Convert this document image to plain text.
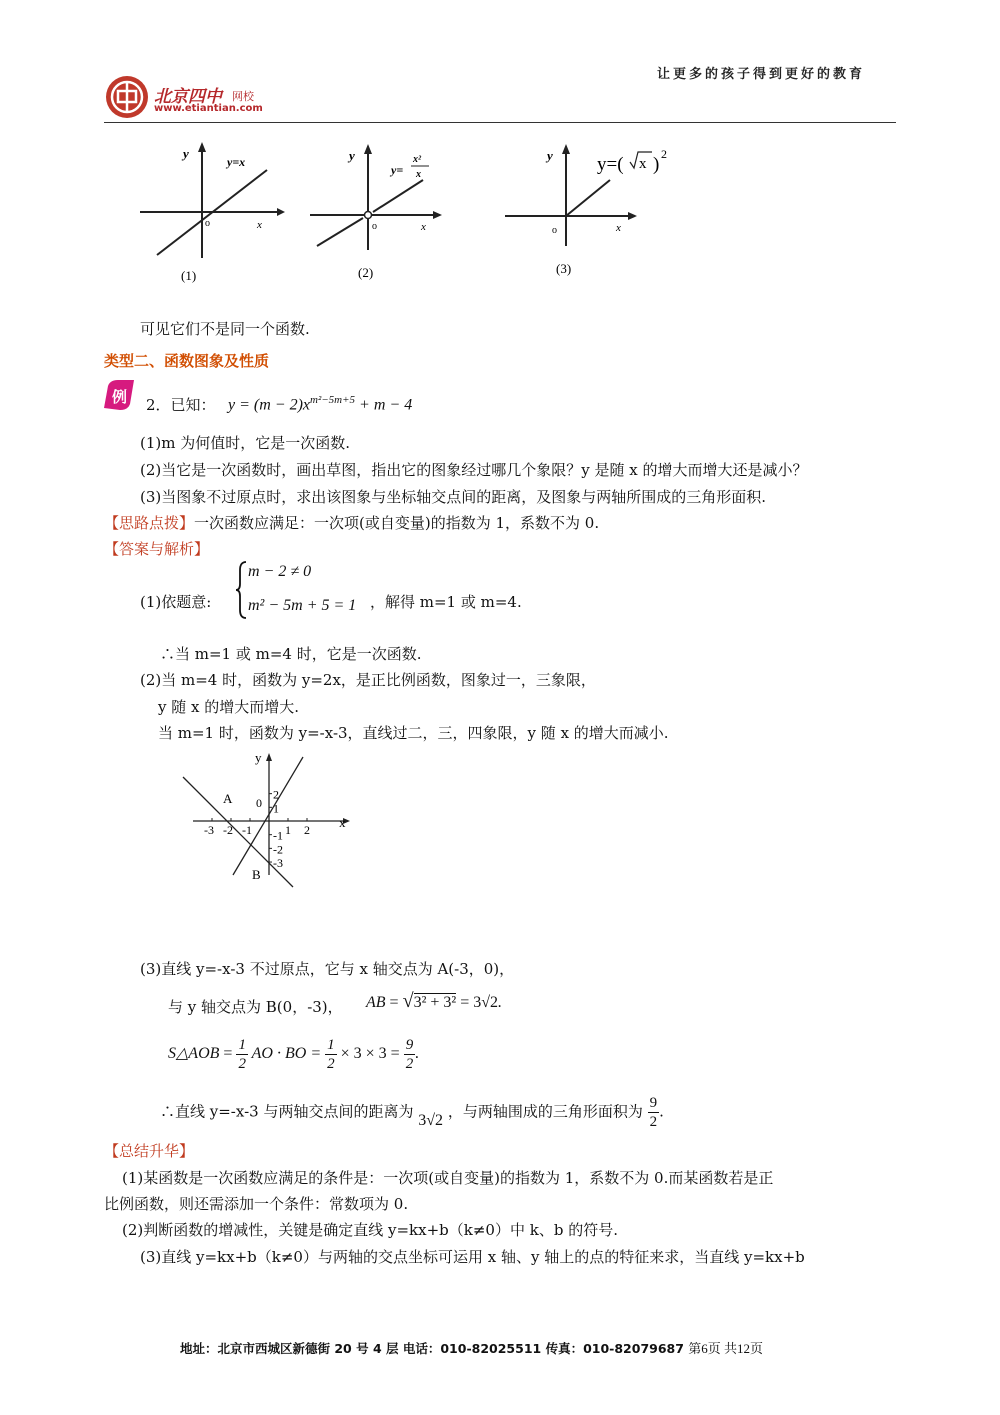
让更多的孩子得到更好的教育
北京四中 网校
www.etiantian.com
y
y=x
o	x
(1)
y
y=
x²
x
o	x
(2)
y y=( x ) 2
o	x
(3)
可见它们不是同一个函数.
类型二、函数图象及性质
例 2．已知： $y = (m - 2)x^{m^2-5m+5} + m - 4$
(1)m 为何值时，它是一次函数.
(2)当它是一次函数时，画出草图，指出它的图象经过哪几个象限？y 是随 x 的增大而增大还是减小？
(3)当图象不过原点时，求出该图象与坐标轴交点间的距离，及图象与两轴所围成的三角形面积.
【思路点拨】一次函数应满足：一次项(或自变量)的指数为 1，系数不为 0.
【答案与解析】
(1)依题意:
m − 2 ≠ 0
m² − 5m + 5 = 1 ，解得 m=1 或 m=4.
∴当 m=1 或 m=4 时，它是一次函数.
(2)当 m=4 时，函数为 y=2x，是正比例函数，图象过一，三象限，
y 随 x 的增大而增大.
当 m=1 时，函数为 y=-x-3，直线过二，三，四象限，y 随 x 的增大而减小.
y
x
0
A
B
-3 -2 -1	1 2
2
1
-1
-2
-3
(3)直线 y=-x-3 不过原点，它与 x 轴交点为 A(-3，0)，
与 y 轴交点为 B(0，-3)， AB = √3² + 3² = 3√2.
S△AOB = $\frac{1}{2}$ AO · BO = $\frac{1}{2} \times 3 \times 3 = \frac{9}{2}$ .
∴直线 y=-x-3 与两轴交点间的距离为 3√2 ，与两轴围成的三角形面积为 $\frac{9}{2}$ .
【总结升华】
(1)某函数是一次函数应满足的条件是：一次项(或自变量)的指数为 1，系数不为 0.而某函数若是正
比例函数，则还需添加一个条件：常数项为 0.
(2)判断函数的增减性，关键是确定直线 y=kx+b（k≠0）中 k、b 的符号.
(3)直线 y=kx+b（k≠0）与两轴的交点坐标可运用 x 轴、y 轴上的点的特征来求，当直线 y=kx+b
地址：北京市西城区新德街 20 号 4 层 电话：010-82025511 传真：010-82079687 第6页 共12页
